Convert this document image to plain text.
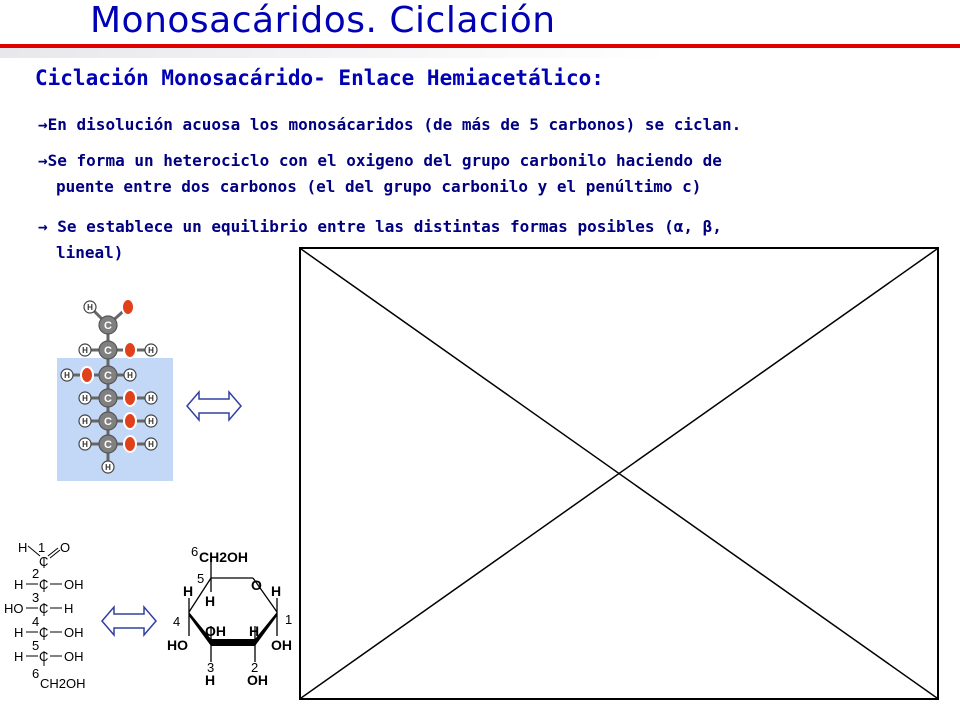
Monosacáridos. Ciclación
Ciclación Monosacárido- Enlace Hemiacetálico:
→En disolución acuosa los monosácaridos (de más de 5 carbonos) se ciclan.
→Se forma un heterociclo con el oxigeno del grupo carbonilo haciendo de
puente entre dos carbonos (el del grupo carbonilo y el penúltimo c)
→ Se establece un equilibrio entre las distintas formas posibles (α, β,
lineal)
H
C
H C	H
H	C H
H C	H
H C	H
H C	H
H
H 1 O
C
2
H C OH
3
HO C H
4
H C OH
5
H C OH
6
CH2OH
6 CH2OH
5	O
H
H
4
OH H
H
1
HO	OH
3	2
H OH
